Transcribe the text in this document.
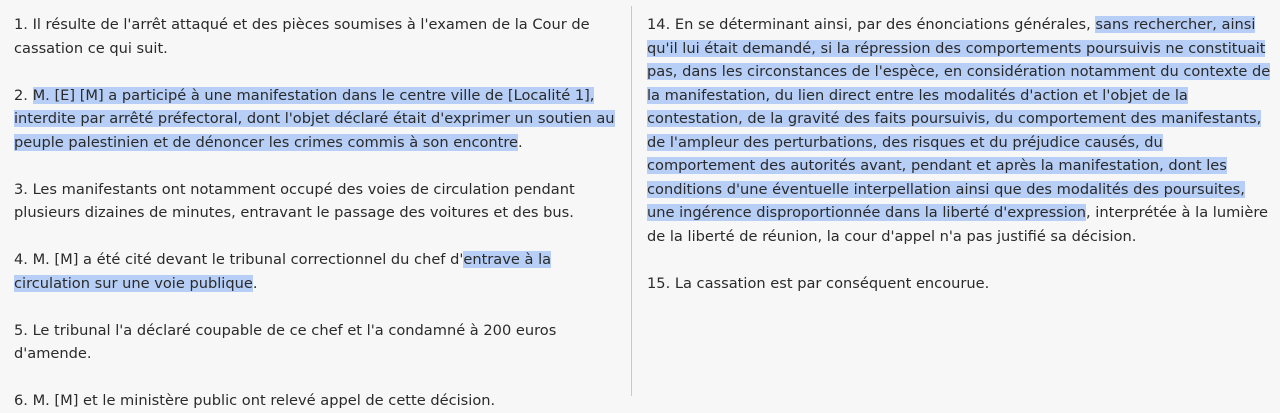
1. Il résulte de l'arrêt attaqué et des pièces soumises à l'examen de la Cour de cassation ce qui suit.

2. M. [E] [M] a participé à une manifestation dans le centre ville de [Localité 1], interdite par arrêté préfectoral, dont l'objet déclaré était d'exprimer un soutien au peuple palestinien et de dénoncer les crimes commis à son encontre.

3. Les manifestants ont notamment occupé des voies de circulation pendant plusieurs dizaines de minutes, entravant le passage des voitures et des bus.

4. M. [M] a été cité devant le tribunal correctionnel du chef d'entrave à la circulation sur une voie publique.

5. Le tribunal l'a déclaré coupable de ce chef et l'a condamné à 200 euros d'amende.

6. M. [M] et le ministère public ont relevé appel de cette décision.

14. En se déterminant ainsi, par des énonciations générales, sans rechercher, ainsi qu'il lui était demandé, si la répression des comportements poursuivis ne constituait pas, dans les circonstances de l'espèce, en considération notamment du contexte de la manifestation, du lien direct entre les modalités d'action et l'objet de la contestation, de la gravité des faits poursuivis, du comportement des manifestants, de l'ampleur des perturbations, des risques et du préjudice causés, du comportement des autorités avant, pendant et après la manifestation, dont les conditions d'une éventuelle interpellation ainsi que des modalités des poursuites, une ingérence disproportionnée dans la liberté d'expression, interprétée à la lumière de la liberté de réunion, la cour d'appel n'a pas justifié sa décision.

15. La cassation est par conséquent encourue.
